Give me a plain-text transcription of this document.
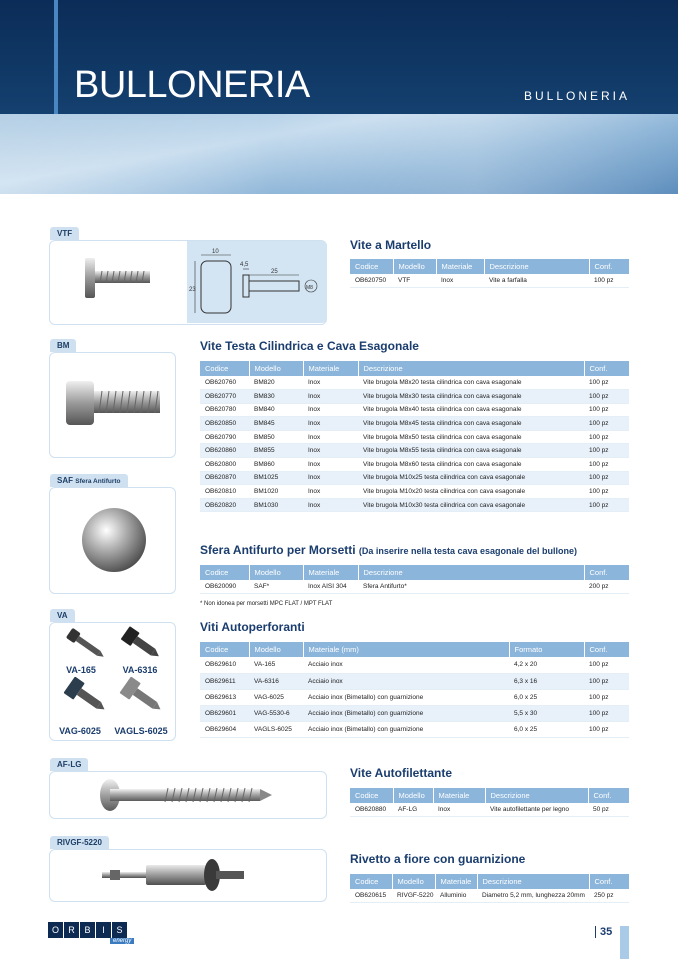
BULLONERIA	BULLONERIA
VTF
10
4,5
25
23	M8
Vite a Martello
Codice	Modello	Materiale	Descrizione	Conf.
OB620750	VTF	Inox	Vite a farfalla	100 pz
BM	Vite Testa Cilindrica e Cava Esagonale
Codice	Modello	Materiale	Descrizione	Conf.
OB620760	BM820	Inox	Vite brugola M8x20 testa cilindrica con cava esagonale	100 pz
OB620770	BM830	Inox	Vite brugola M8x30 testa cilindrica con cava esagonale	100 pz
OB620780	BM840	Inox	Vite brugola M8x40 testa cilindrica con cava esagonale	100 pz
OB620850	BM845	Inox	Vite brugola M8x45 testa cilindrica con cava esagonale	100 pz
OB620790	BM850	Inox	Vite brugola M8x50 testa cilindrica con cava esagonale	100 pz
OB620860	BM855	Inox	Vite brugola M8x55 testa cilindrica con cava esagonale	100 pz
OB620800	BM860	Inox	Vite brugola M8x60 testa cilindrica con cava esagonale	100 pz
OB620870	BM1025	Inox	Vite brugola M10x25 testa cilindrica con cava esagonale	100 pz
OB620810	BM1020	Inox	Vite brugola M10x20 testa cilindrica con cava esagonale	100 pz
OB620820	BM1030	Inox	Vite brugola M10x30 testa cilindrica con cava esagonale	100 pz
SAF Sfera Antifurto
Sfera Antifurto per Morsetti (Da inserire nella testa cava esagonale del bullone)
Codice	Modello	Materiale	Descrizione	Conf.
OB620090	SAF*	Inox AISI 304	Sfera Antifurto*	200 pz
* Non idonea per morsetti MPC FLAT / MPT FLAT
VA
VA-165	VA-6316
VAG-6025	VAGLS-6025
Viti Autoperforanti
Codice	Modello	Materiale (mm)	Formato	Conf.
OB629610	VA-165	Acciaio inox	4,2 x 20	100 pz
OB629611	VA-6316	Acciaio inox	6,3 x 16	100 pz
OB629613	VAG-6025	Acciaio inox (Bimetallo) con guarnizione	6,0 x 25	100 pz
OB629601	VAG-5530-6	Acciaio inox (Bimetallo) con guarnizione	5,5 x 30	100 pz
OB629604	VAGLS-6025	Acciaio inox (Bimetallo) con guarnizione	6,0 x 25	100 pz
AF-LG
Vite Autofilettante
Codice	Modello	Materiale	Descrizione	Conf.
OB620880	AF-LG	Inox	Vite autofilettante per legno	50 pz
RIVGF-5220
Rivetto a fiore con guarnizione
Codice	Modello	Materiale	Descrizione	Conf.
OB620615	RIVGF-5220	Alluminio	Diametro 5,2 mm, lunghezza 20mm	250 pz
O	R	B	I	S
energy
35
